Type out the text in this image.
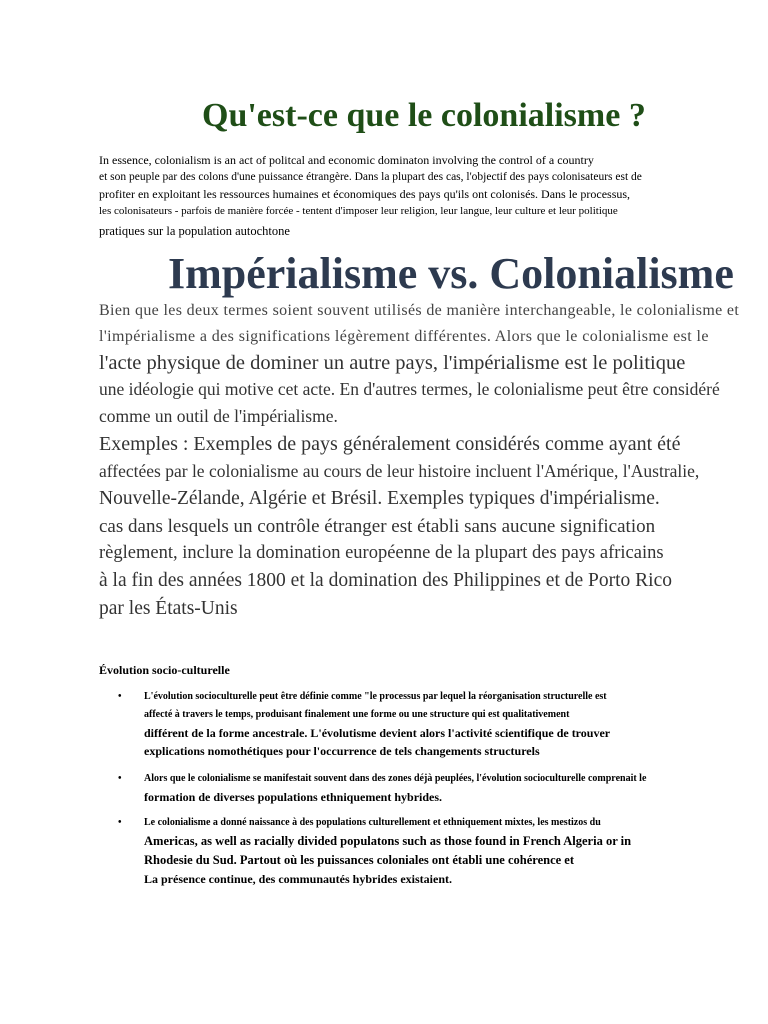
Qu'est-ce que le colonialisme ?
In essence, colonialism is an act of politcal and economic dominaton involving the control of a country
et son peuple par des colons d'une puissance étrangère. Dans la plupart des cas, l'objectif des pays colonisateurs est de
profiter en exploitant les ressources humaines et économiques des pays qu'ils ont colonisés. Dans le processus,
les colonisateurs - parfois de manière forcée - tentent d'imposer leur religion, leur langue, leur culture et leur politique
pratiques sur la population autochtone
Impérialisme vs. Colonialisme
Bien que les deux termes soient souvent utilisés de manière interchangeable, le colonialisme et
l'impérialisme a des significations légèrement différentes. Alors que le colonialisme est le
l'acte physique de dominer un autre pays, l'impérialisme est le politique
une idéologie qui motive cet acte. En d'autres termes, le colonialisme peut être considéré
comme un outil de l'impérialisme.
Exemples : Exemples de pays généralement considérés comme ayant été
affectées par le colonialisme au cours de leur histoire incluent l'Amérique, l'Australie,
Nouvelle-Zélande, Algérie et Brésil. Exemples typiques d'impérialisme.
cas dans lesquels un contrôle étranger est établi sans aucune signification
règlement, inclure la domination européenne de la plupart des pays africains
à la fin des années 1800 et la domination des Philippines et de Porto Rico
par les États-Unis
Évolution socio-culturelle
• L'évolution socioculturelle peut être définie comme "le processus par lequel la réorganisation structurelle est
affecté à travers le temps, produisant finalement une forme ou une structure qui est qualitativement
différent de la forme ancestrale. L'évolutisme devient alors l'activité scientifique de trouver
explications nomothétiques pour l'occurrence de tels changements structurels
• Alors que le colonialisme se manifestait souvent dans des zones déjà peuplées, l'évolution socioculturelle comprenait le
formation de diverses populations ethniquement hybrides.
• Le colonialisme a donné naissance à des populations culturellement et ethniquement mixtes, les mestizos du
Americas, as well as racially divided populatons such as those found in French Algeria or in
Rhodesie du Sud. Partout où les puissances coloniales ont établi une cohérence et
La présence continue, des communautés hybrides existaient.
